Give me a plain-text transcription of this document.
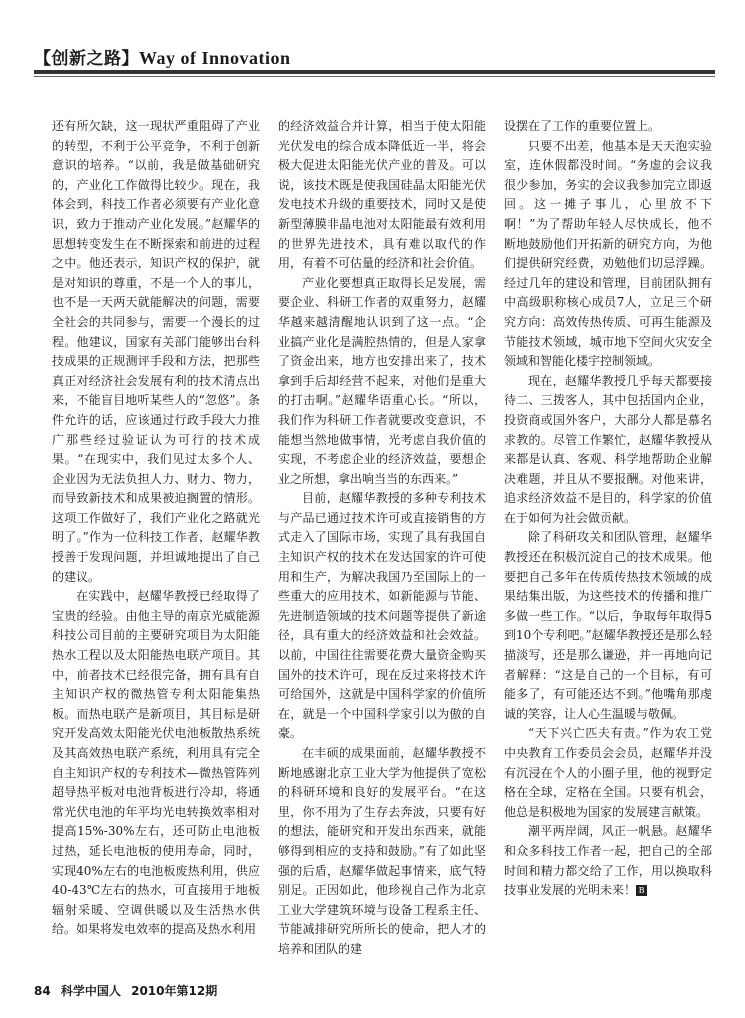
【创新之路】Way of Innovation

还有所欠缺，这一现状严重阻碍了产业的转型，不利于公平竞争，不利于创新意识的培养。“以前，我是做基础研究的，产业化工作做得比较少。现在，我体会到，科技工作者必须要有产业化意识，致力于推动产业化发展。”赵耀华的思想转变发生在不断探索和前进的过程之中。他还表示，知识产权的保护，就是对知识的尊重，不是一个人的事儿，也不是一天两天就能解决的问题，需要全社会的共同参与，需要一个漫长的过程。他建议，国家有关部门能够出台科技成果的正规测评手段和方法，把那些真正对经济社会发展有利的技术清点出来，不能盲目地听某些人的“忽悠”。条件允许的话，应该通过行政手段大力推广那些经过验证认为可行的技术成果。“在现实中，我们见过太多个人、企业因为无法负担人力、财力、物力，而导致新技术和成果被迫搁置的情形。这项工作做好了，我们产业化之路就光明了。”作为一位科技工作者，赵耀华教授善于发现问题，并坦诚地提出了自己的建议。

在实践中，赵耀华教授已经取得了宝贵的经验。由他主导的南京光威能源科技公司目前的主要研究项目为太阳能热水工程以及太阳能热电联产项目。其中，前者技术已经很完备，拥有具有自主知识产权的微热管专利太阳能集热板。而热电联产是新项目，其目标是研究开发高效太阳能光伏电池板散热系统及其高效热电联产系统，利用具有完全自主知识产权的专利技术—微热管阵列超导热平板对电池背板进行冷却，将通常光伏电池的年平均光电转换效率相对提高15%-30%左右，还可防止电池板过热，延长电池板的使用寿命，同时，实现40%左右的电池板废热利用，供应40-43℃左右的热水，可直接用于地板辐射采暖、空调供暖以及生活热水供给。如果将发电效率的提高及热水利用

的经济效益合并计算，相当于使太阳能光伏发电的综合成本降低近一半，将会极大促进太阳能光伏产业的普及。可以说，该技术既是使我国硅晶太阳能光伏发电技术升级的重要技术，同时又是使新型薄膜非晶电池对太阳能最有效利用的世界先进技术，具有难以取代的作用，有着不可估量的经济和社会价值。

产业化要想真正取得长足发展，需要企业、科研工作者的双重努力，赵耀华越来越清醒地认识到了这一点。“企业搞产业化是满腔热情的，但是人家拿了资金出来，地方也安排出来了，技术拿到手后却经营不起来，对他们是重大的打击啊。”赵耀华语重心长。“所以，我们作为科研工作者就要改变意识，不能想当然地做事情，光考虑自我价值的实现，不考虑企业的经济效益，要想企业之所想，拿出响当当的东西来。”

目前，赵耀华教授的多种专利技术与产品已通过技术许可或直接销售的方式走入了国际市场，实现了具有我国自主知识产权的技术在发达国家的许可使用和生产，为解决我国乃至国际上的一些重大的应用技术，如新能源与节能、先进制造领域的技术问题等提供了新途径，具有重大的经济效益和社会效益。以前，中国往往需要花费大量资金购买国外的技术许可，现在反过来将技术许可给国外，这就是中国科学家的价值所在，就是一个中国科学家引以为傲的自豪。

在丰硕的成果面前，赵耀华教授不断地感谢北京工业大学为他提供了宽松的科研环境和良好的发展平台。“在这里，你不用为了生存去奔波，只要有好的想法，能研究和开发出东西来，就能够得到相应的支持和鼓励。”有了如此坚强的后盾，赵耀华做起事情来，底气特别足。正因如此，他珍视自己作为北京工业大学建筑环境与设备工程系主任、节能减排研究所所长的使命，把人才的培养和团队的建

设摆在了工作的重要位置上。

只要不出差，他基本是天天泡实验室，连休假都没时间。“务虚的会议我很少参加，务实的会议我参加完立即返回。这一摊子事儿，心里放不下啊！”为了帮助年轻人尽快成长，他不断地鼓励他们开拓新的研究方向，为他们提供研究经费，劝勉他们切忌浮躁。经过几年的建设和管理，目前团队拥有中高级职称核心成员7人，立足三个研究方向：高效传热传质、可再生能源及节能技术领域，城市地下空间火灾安全领域和智能化楼宇控制领域。

现在，赵耀华教授几乎每天都要接待二、三拨客人，其中包括国内企业，投资商或国外客户，大部分人都是慕名求教的。尽管工作繁忙，赵耀华教授从来都是认真、客观、科学地帮助企业解决难题，并且从不要报酬。对他来讲，追求经济效益不是目的，科学家的价值在于如何为社会做贡献。

除了科研攻关和团队管理，赵耀华教授还在积极沉淀自己的技术成果。他要把自己多年在传质传热技术领域的成果结集出版，为这些技术的传播和推广多做一些工作。“以后，争取每年取得5到10个专利吧。”赵耀华教授还是那么轻描淡写，还是那么谦逊，并一再地向记者解释：“这是自己的一个目标，有可能多了，有可能还达不到。”他嘴角那虔诚的笑容，让人心生温暖与敬佩。

“天下兴亡匹夫有责。”作为农工党中央教育工作委员会会员，赵耀华并没有沉浸在个人的小圈子里，他的视野定格在全球，定格在全国。只要有机会，他总是积极地为国家的发展建言献策。

潮平两岸阔，风正一帆悬。赵耀华和众多科技工作者一起，把自己的全部时间和精力都交给了工作，用以换取科技事业发展的光明未来！ B

84 科学中国人 2010年第12期
